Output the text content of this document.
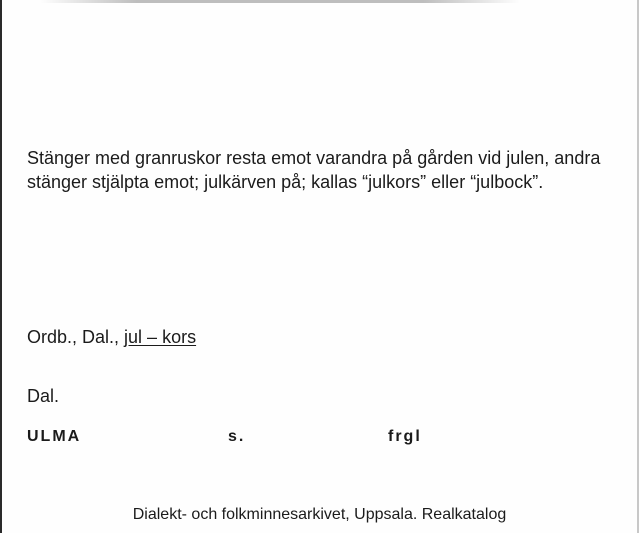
Stänger med granruskor resta emot varandra på gården vid julen, andra stänger stjälpta emot; julkärven på; kallas “julkors” eller “julbock”.

Ordb., Dal., jul – kors
Dal.
ULMA	s.	frgl
Dialekt- och folkminnesarkivet, Uppsala. Realkatalog
